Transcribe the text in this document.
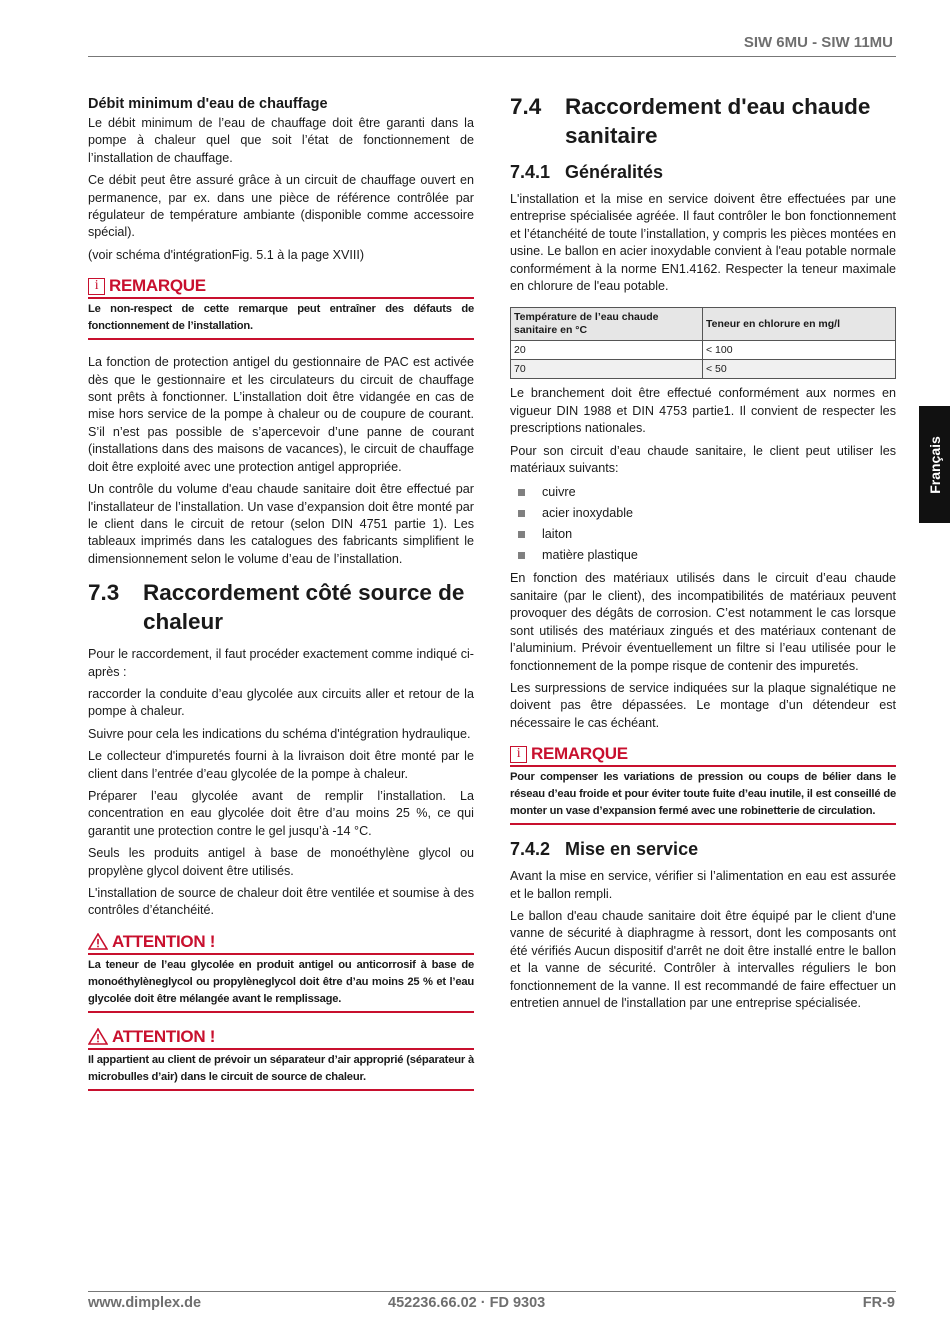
SIW 6MU - SIW 11MU
Débit minimum d'eau de chauffage

Le débit minimum de l’eau de chauffage doit être garanti dans la pompe à chaleur quel que soit l’état de fonctionnement de l’installation de chauffage.

Ce débit peut être assuré grâce à un circuit de chauffage ouvert en permanence, par ex. dans une pièce de référence contrôlée par régulateur de température ambiante (disponible comme accessoire spécial).

(voir schéma d'intégrationFig. 5.1 à la page XVIII)

i REMARQUE
Le non-respect de cette remarque peut entraîner des défauts de fonctionnement de l’installation.

La fonction de protection antigel du gestionnaire de PAC est activée dès que le gestionnaire et les circulateurs du circuit de chauffage sont prêts à fonctionner. L’installation doit être vidangée en cas de mise hors service de la pompe à chaleur ou de coupure de courant. S’il n’est pas possible de s’apercevoir d’une panne de courant (installations dans des maisons de vacances), le circuit de chauffage doit être exploité avec une protection antigel appropriée.

Un contrôle du volume d'eau chaude sanitaire doit être effectué par l'installateur de l’installation. Un vase d’expansion doit être monté par le client dans le circuit de retour (selon DIN 4751 partie 1). Les tableaux imprimés dans les catalogues des fabricants simplifient le dimensionnement selon le volume d’eau de l’installation.

7.3	Raccordement côté source de chaleur

Pour le raccordement, il faut procéder exactement comme indiqué ci-après :

raccorder la conduite d’eau glycolée aux circuits aller et retour de la pompe à chaleur.

Suivre pour cela les indications du schéma d'intégration hydraulique.

Le collecteur d'impuretés fourni à la livraison doit être monté par le client dans l’entrée d’eau glycolée de la pompe à chaleur.

Préparer l’eau glycolée avant de remplir l’installation. La concentration en eau glycolée doit être d’au moins 25 %, ce qui garantit une protection contre le gel jusqu’à -14 °C.

Seuls les produits antigel à base de monoéthylène glycol ou propylène glycol doivent être utilisés.

L'installation de source de chaleur doit être ventilée et soumise à des contrôles d’étanchéité.

ATTENTION !
La teneur de l’eau glycolée en produit antigel ou anticorrosif à base de monoéthylèneglycol ou propylèneglycol doit être d’au moins 25 % et l’eau glycolée doit être mélangée avant le remplissage.
ATTENTION !
Il appartient au client de prévoir un séparateur d’air approprié (séparateur à microbulles d’air) dans le circuit de source de chaleur.
7.4	Raccordement d'eau chaude sanitaire
7.4.1 Généralités

L'installation et la mise en service doivent être effectuées par une entreprise spécialisée agréée. Il faut contrôler le bon fonctionnement et l’étanchéité de toute l’installation, y compris les pièces montées en usine. Le ballon en acier inoxydable convient à l'eau potable normale conformément à la norme EN1.4162. Respecter la teneur maximale en chlorure de l'eau potable.

Température de l’eau chaude sanitaire en °C	Teneur en chlorure en mg/l
20	< 100
70	< 50

Le branchement doit être effectué conformément aux normes en vigueur DIN 1988 et DIN 4753 partie1. Il convient de respecter les prescriptions nationales.

Pour son circuit d’eau chaude sanitaire, le client peut utiliser les matériaux suivants:

cuivre
acier inoxydable
laiton
matière plastique

En fonction des matériaux utilisés dans le circuit d’eau chaude sanitaire (par le client), des incompatibilités de matériaux peuvent provoquer des dégâts de corrosion. C’est notamment le cas lorsque sont utilisés des matériaux zingués et des matériaux contenant de l’aluminium. Prévoir éventuellement un filtre si l’eau utilisée pour le fonctionnement de la pompe risque de contenir des impuretés.

Les surpressions de service indiquées sur la plaque signalétique ne doivent pas être dépassées. Le montage d’un détendeur est nécessaire le cas échéant.

i REMARQUE
Pour compenser les variations de pression ou coups de bélier dans le réseau d’eau froide et pour éviter toute fuite d’eau inutile, il est conseillé de monter un vase d’expansion fermé avec une robinetterie de circulation.
7.4.2 Mise en service

Avant la mise en service, vérifier si l’alimentation en eau est assurée et le ballon rempli.

Le ballon d'eau chaude sanitaire doit être équipé par le client d'une vanne de sécurité à diaphragme à ressort, dont les composants ont été vérifiés Aucun dispositif d'arrêt ne doit être installé entre le ballon et la vanne de sécurité. Contrôler à intervalles réguliers le bon fonctionnement de la vanne. Il est recommandé de faire effectuer un entretien annuel de l'installation par une entreprise spécialisée.

Français
www.dimplex.de	452236.66.02 · FD 9303	FR-9
